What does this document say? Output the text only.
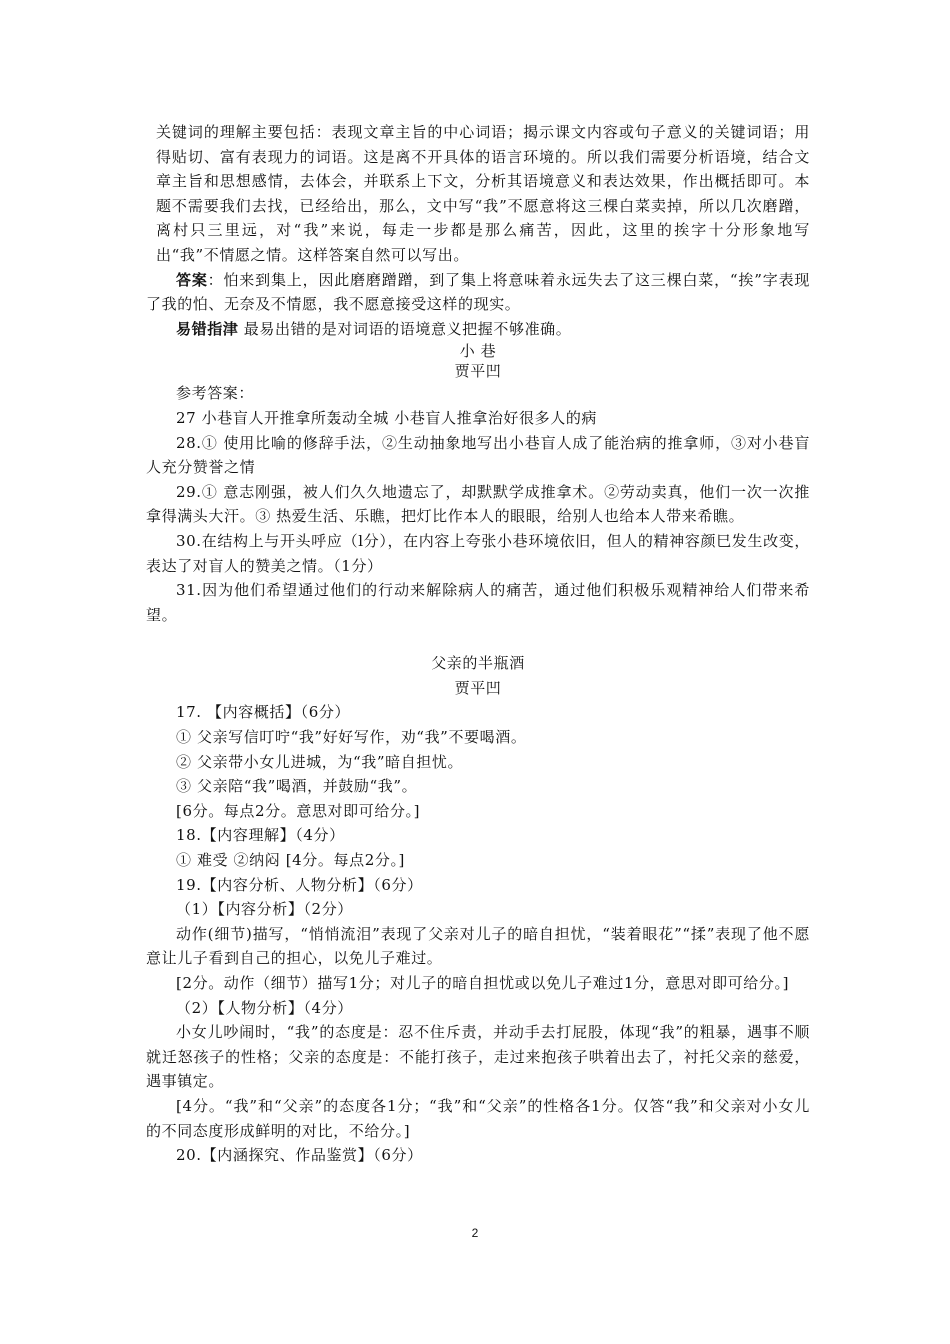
关键词的理解主要包括：表现文章主旨的中心词语；揭示课文内容或句子意义的关键词语；用得贴切、富有表现力的词语。这是离不开具体的语言环境的。所以我们需要分析语境，结合文章主旨和思想感情，去体会，并联系上下文，分析其语境意义和表达效果，作出概括即可。本题不需要我们去找，已经给出，那么，文中写“我”不愿意将这三棵白菜卖掉，所以几次磨蹭，离村只三里远，对“我”来说，每走一步都是那么痛苦，因此，这里的挨字十分形象地写出“我”不情愿之情。这样答案自然可以写出。

答案：怕来到集上，因此磨磨蹭蹭，到了集上将意味着永远失去了这三棵白菜，“挨”字表现了我的怕、无奈及不情愿，我不愿意接受这样的现实。

易错指津 最易出错的是对词语的语境意义把握不够准确。

小 巷

贾平凹

参考答案：

27 小巷盲人开推拿所轰动全城 小巷盲人推拿治好很多人的病

28.① 使用比喻的修辞手法，②生动抽象地写出小巷盲人成了能治病的推拿师，③对小巷盲人充分赞誉之情

29.① 意志刚强，被人们久久地遗忘了，却默默学成推拿术。②劳动卖真，他们一次一次推拿得满头大汗。③ 热爱生活、乐瞧，把灯比作本人的眼眼，给别人也给本人带来希瞧。

30.在结构上与开头呼应（l分），在内容上夸张小巷环境依旧，但人的精神容颜巳发生改变，表达了对盲人的赞美之情。（1分）

31.因为他们希望通过他们的行动来解除病人的痛苦，通过他们积极乐观精神给人们带来希望。

父亲的半瓶酒

贾平凹

17. 【内容概括】（6分）

① 父亲写信叮咛“我”好好写作，劝“我”不要喝酒。

② 父亲带小女儿进城，为“我”暗自担忧。

③ 父亲陪“我”喝酒，并鼓励“我”。

[6分。每点2分。意思对即可给分。]

18.【内容理解】（4分）

① 难受 ②纳闷 [4分。每点2分。]

19.【内容分析、人物分析】（6分）

（1）【内容分析】（2分）

动作(细节)描写，“悄悄流泪”表现了父亲对儿子的暗自担忧，“装着眼花”“揉”表现了他不愿意让儿子看到自己的担心，以免儿子难过。

[2分。动作（细节）描写1分；对儿子的暗自担忧或以免儿子难过1分，意思对即可给分。]

（2）【人物分析】（4分）

小女儿吵闹时，“我”的态度是：忍不住斥责，并动手去打屁股，体现“我”的粗暴，遇事不顺就迁怒孩子的性格；父亲的态度是：不能打孩子，走过来抱孩子哄着出去了，衬托父亲的慈爱，遇事镇定。

[4分。“我”和“父亲”的态度各1分；“我”和“父亲”的性格各1分。仅答“我”和父亲对小女儿的不同态度形成鲜明的对比，不给分。]

20.【内涵探究、作品鉴赏】（6分）

2
